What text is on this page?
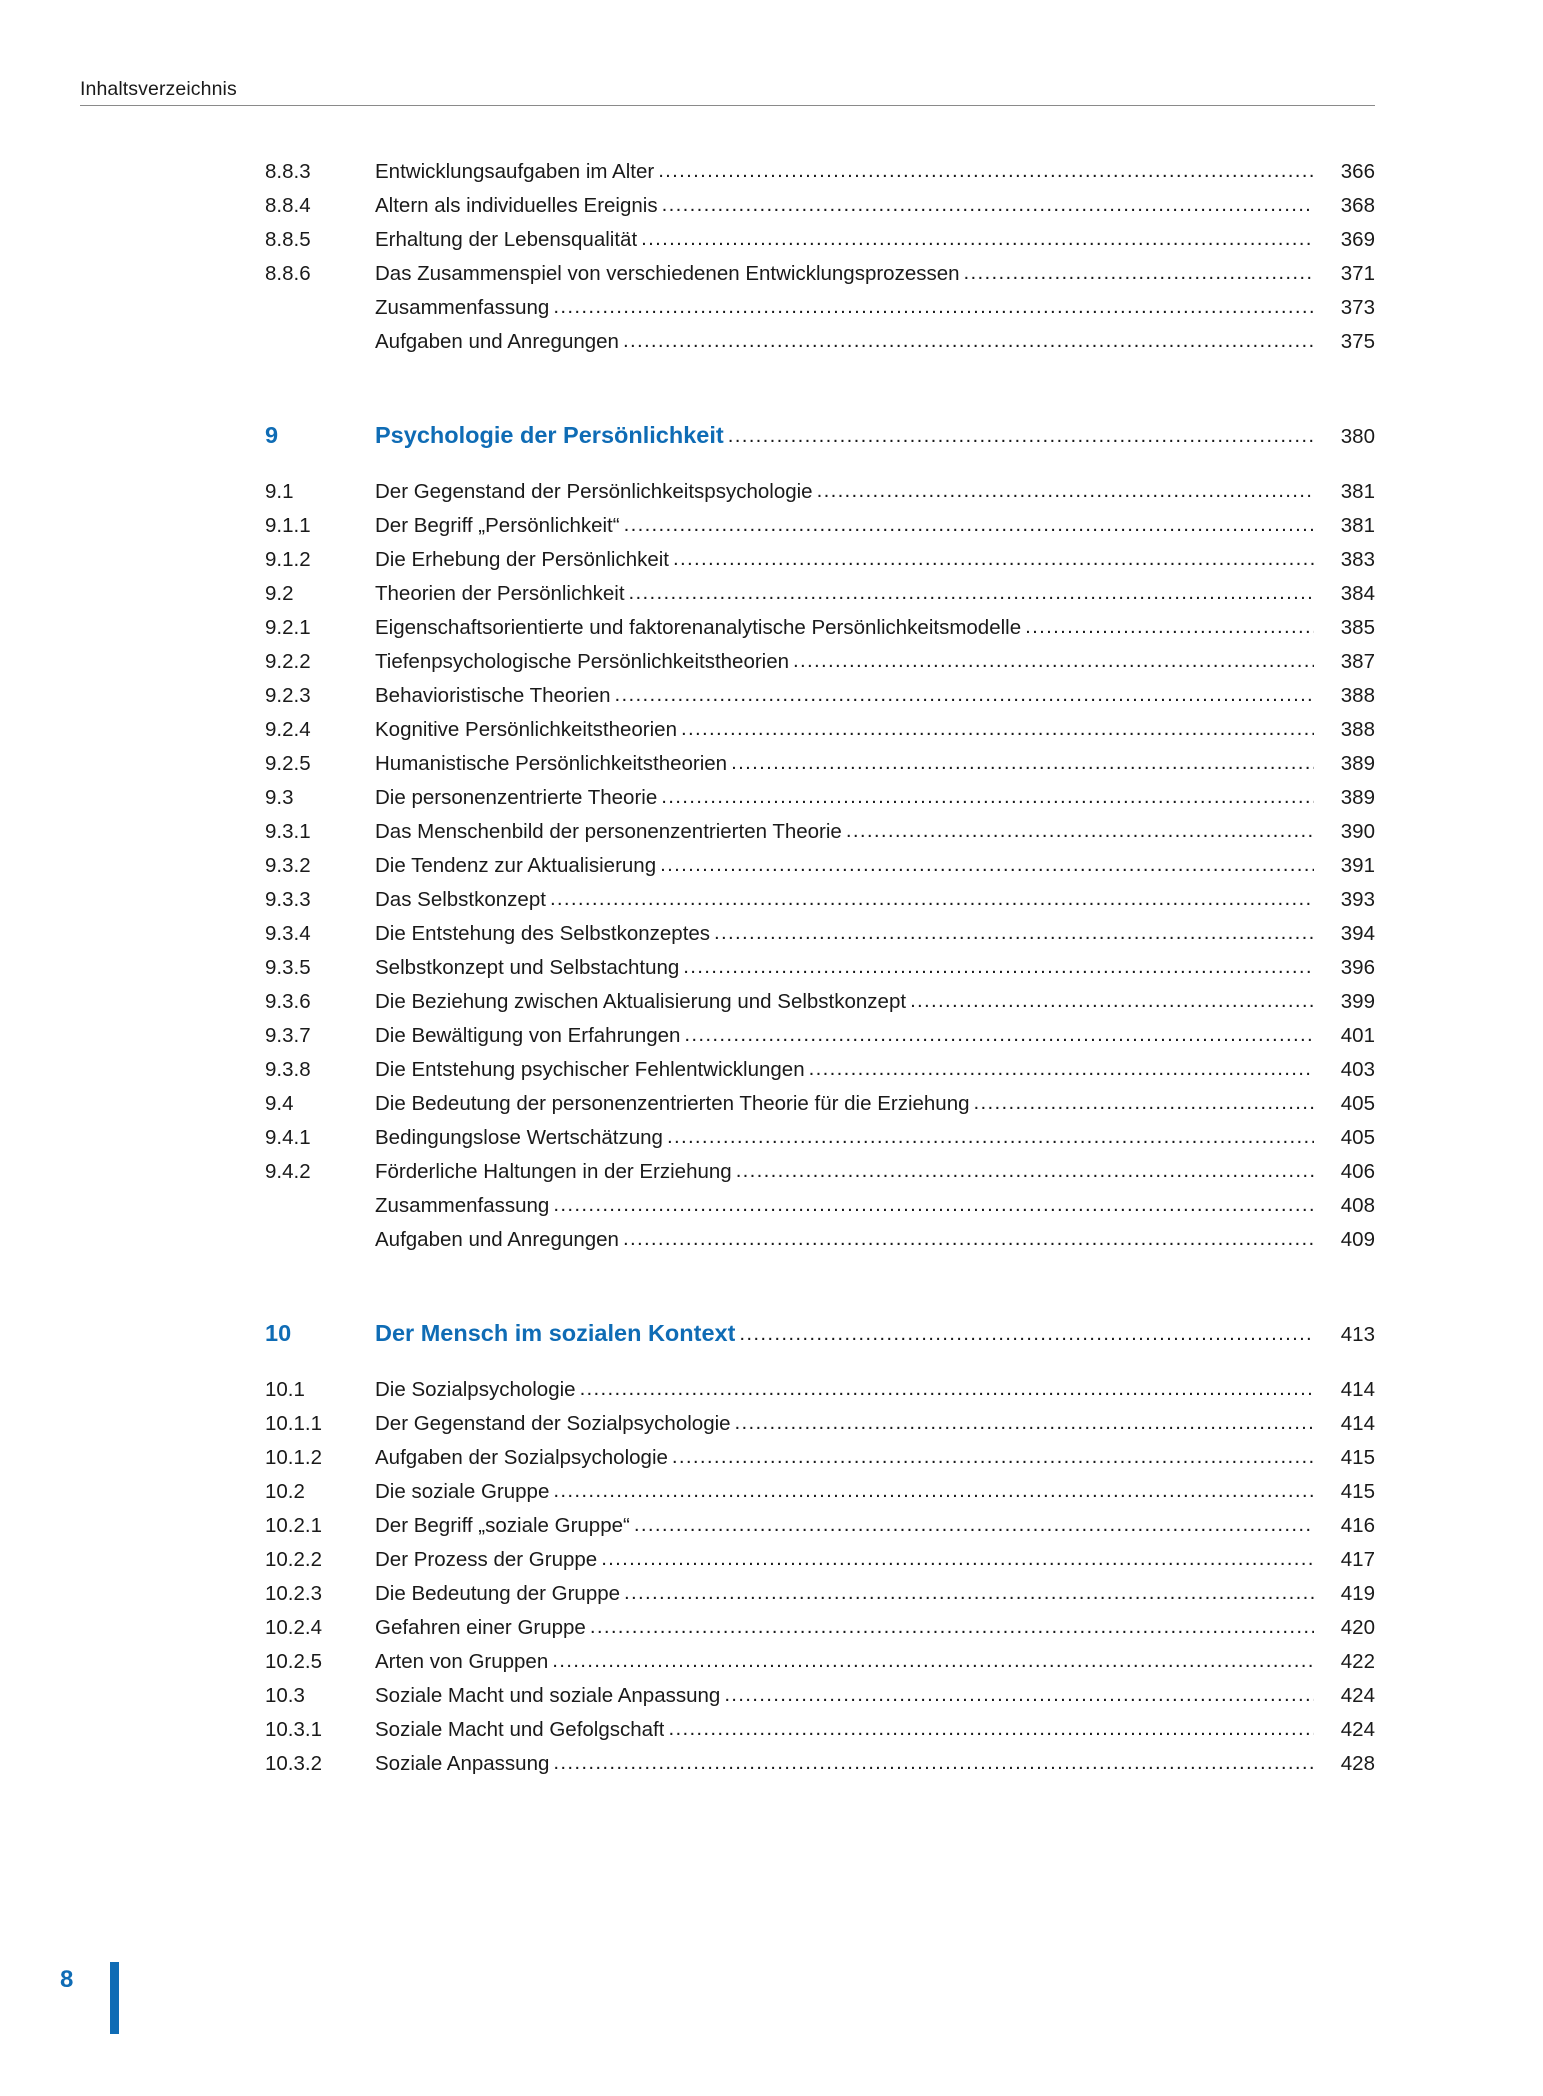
Inhaltsverzeichnis
8.8.3	Entwicklungsaufgaben im Alter .....	366
8.8.4	Altern als individuelles Ereignis .....	368
8.8.5	Erhaltung der Lebensqualität .....	369
8.8.6	Das Zusammenspiel von verschiedenen Entwicklungsprozessen .....	371
Zusammenfassung .....	373
Aufgaben und Anregungen .....	375
9	Psychologie der Persönlichkeit .....	380
9.1	Der Gegenstand der Persönlichkeitspsychologie .....	381
9.1.1	Der Begriff „Persönlichkeit“ .....	381
9.1.2	Die Erhebung der Persönlichkeit .....	383
9.2	Theorien der Persönlichkeit .....	384
9.2.1	Eigenschaftsorientierte und faktorenanalytische Persönlichkeitsmodelle .....	385
9.2.2	Tiefenpsychologische Persönlichkeitstheorien .....	387
9.2.3	Behavioristische Theorien .....	388
9.2.4	Kognitive Persönlichkeitstheorien .....	388
9.2.5	Humanistische Persönlichkeitstheorien .....	389
9.3	Die personenzentrierte Theorie .....	389
9.3.1	Das Menschenbild der personenzentrierten Theorie .....	390
9.3.2	Die Tendenz zur Aktualisierung .....	391
9.3.3	Das Selbstkonzept .....	393
9.3.4	Die Entstehung des Selbstkonzeptes .....	394
9.3.5	Selbstkonzept und Selbstachtung .....	396
9.3.6	Die Beziehung zwischen Aktualisierung und Selbstkonzept .....	399
9.3.7	Die Bewältigung von Erfahrungen .....	401
9.3.8	Die Entstehung psychischer Fehlentwicklungen .....	403
9.4	Die Bedeutung der personenzentrierten Theorie für die Erziehung .....	405
9.4.1	Bedingungslose Wertschätzung .....	405
9.4.2	Förderliche Haltungen in der Erziehung .....	406
Zusammenfassung .....	408
Aufgaben und Anregungen .....	409
10	Der Mensch im sozialen Kontext .....	413
10.1	Die Sozialpsychologie .....	414
10.1.1	Der Gegenstand der Sozialpsychologie .....	414
10.1.2	Aufgaben der Sozialpsychologie .....	415
10.2	Die soziale Gruppe .....	415
10.2.1	Der Begriff „soziale Gruppe“ .....	416
10.2.2	Der Prozess der Gruppe .....	417
10.2.3	Die Bedeutung der Gruppe .....	419
10.2.4	Gefahren einer Gruppe .....	420
10.2.5	Arten von Gruppen .....	422
10.3	Soziale Macht und soziale Anpassung .....	424
10.3.1	Soziale Macht und Gefolgschaft .....	424
10.3.2	Soziale Anpassung .....	428
8
